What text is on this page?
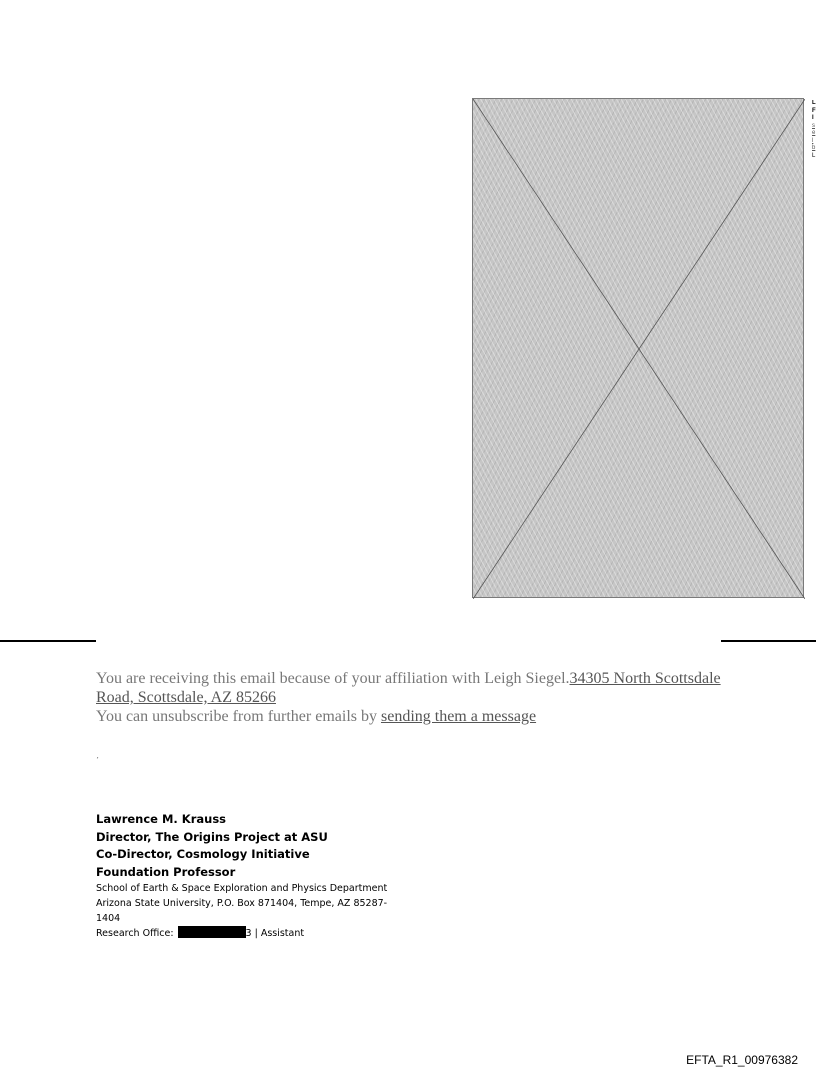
L
F
I
s
e
l
b
L
You are receiving this email because of your affiliation with Leigh Siegel.34305 North Scottsdale Road, Scottsdale, AZ 85266
You can unsubscribe from further emails by sending them a message
ˏ
Lawrence M. Krauss
Director, The Origins Project at ASU
Co-Director, Cosmology Initiative
Foundation Professor
School of Earth & Space Exploration and Physics Department
Arizona State University, P.O. Box 871404, Tempe, AZ 85287-1404
Research Office:	3 | Assistant
EFTA_R1_00976382
